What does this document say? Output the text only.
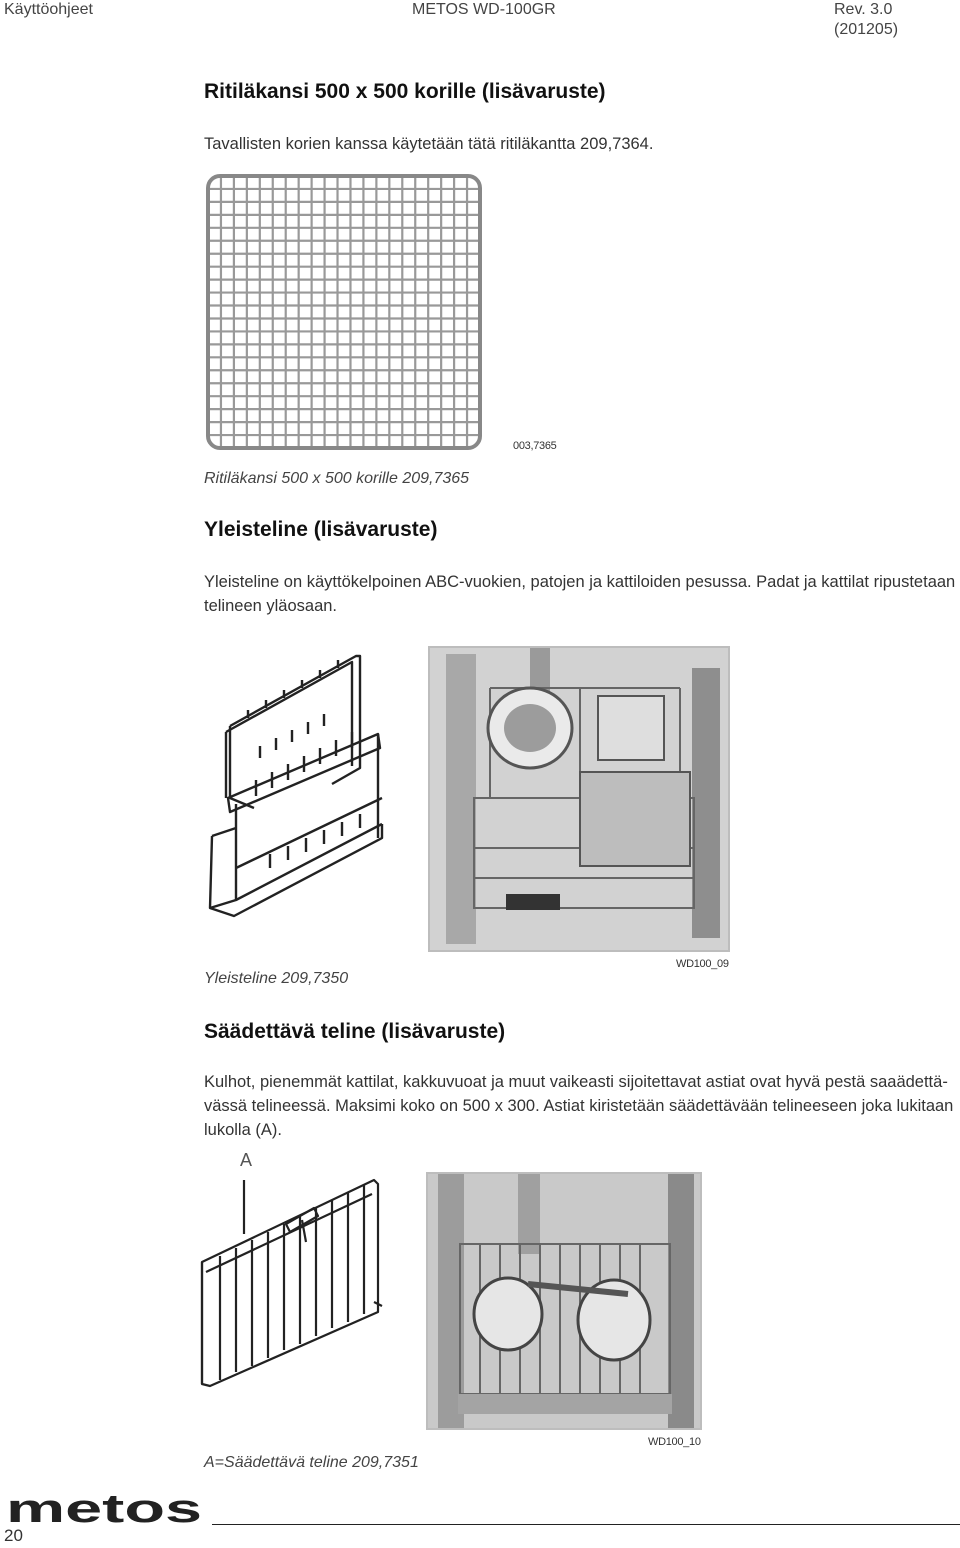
Käyttöohjeet	METOS WD-100GR	Rev. 3.0 (201205)
Ritiläkansi 500 x 500 korille (lisävaruste)

Tavallisten korien kanssa käytetään tätä ritiläkantta 209,7364.

003,7365
Ritiläkansi 500 x 500 korille 209,7365
Yleisteline (lisävaruste)

Yleisteline on käyttökelpoinen ABC-vuokien, patojen ja kattiloiden pesussa. Padat ja kattilat ripustetaan telineen yläosaan.

WD100_09
Yleisteline 209,7350
Säädettävä teline (lisävaruste)

Kulhot, pienemmät kattilat, kakkuvuoat ja muut vaikeasti sijoitettavat astiat ovat hyvä pestä saaädettä-vässä telineessä. Maksimi koko on 500 x 300. Astiat kiristetään säädettävään telineeseen joka lukitaan lukolla (A).

A
WD100_10
A=Säädettävä teline 209,7351
metos
20
